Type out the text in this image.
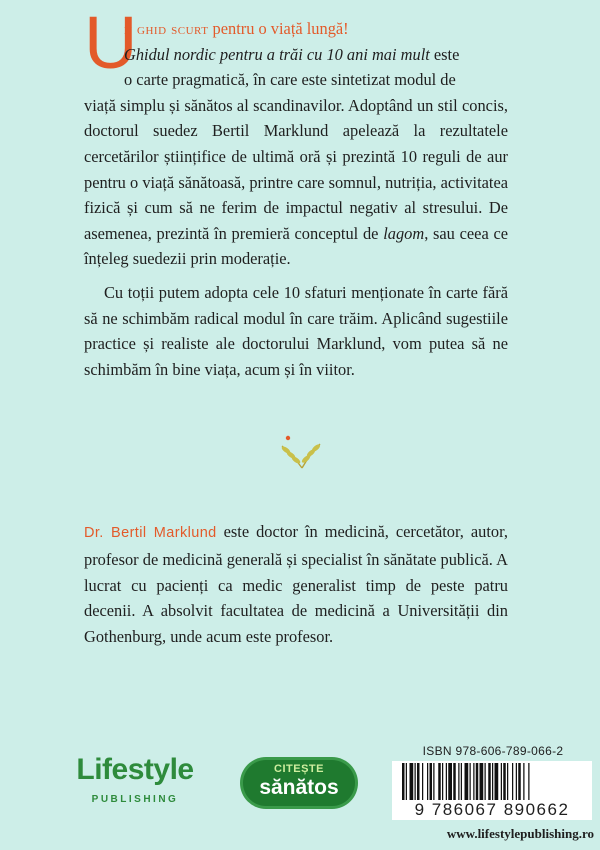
U
n ghid scurt pentru o viață lungă!
Ghidul nordic pentru a trăi cu 10 ani mai mult este
o carte pragmatică, în care este sintetizat modul de
viață simplu și sănătos al scandinavilor. Adoptând un stil concis, doctorul suedez Bertil Marklund apelează la rezultatele cercetărilor științifice de ultimă oră și prezintă 10 reguli de aur pentru o viață sănătoasă, printre care somnul, nutriția, activitatea fizică și cum să ne ferim de impactul negativ al stresului. De asemenea, prezintă în premieră conceptul de lagom, sau ceea ce înțeleg suedezii prin moderație.
Cu toții putem adopta cele 10 sfaturi menționate în carte fără să ne schimbăm radical modul în care trăim. Aplicând sugestiile practice și realiste ale doctorului Marklund, vom putea să ne schimbăm în bine viața, acum și în viitor.
Dr. Bertil Marklund este doctor în medicină, cercetător, autor, profesor de medicină generală și specialist în sănătate publică. A lucrat cu pacienți ca medic generalist timp de peste patru decenii. A absolvit facultatea de medicină a Universității din Gothenburg, unde acum este profesor.
Lifestyle
PUBLISHING
CITEȘTE
sănătos
ISBN 978-606-789-066-2
9 786067 890662
www.lifestylepublishing.ro
